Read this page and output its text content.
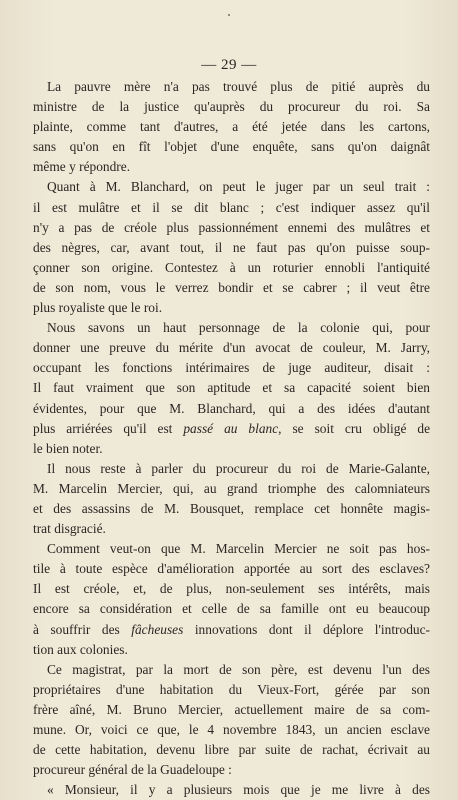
— 29 —
La pauvre mère n'a pas trouvé plus de pitié auprès du
ministre de la justice qu'auprès du procureur du roi. Sa
plainte, comme tant d'autres, a été jetée dans les cartons,
sans qu'on en fît l'objet d'une enquête, sans qu'on daignât
même y répondre.
Quant à M. Blanchard, on peut le juger par un seul trait :
il est mulâtre et il se dit blanc ; c'est indiquer assez qu'il
n'y a pas de créole plus passionnément ennemi des mulâtres et
des nègres, car, avant tout, il ne faut pas qu'on puisse soup-
çonner son origine. Contestez à un roturier ennobli l'antiquité
de son nom, vous le verrez bondir et se cabrer ; il veut être
plus royaliste que le roi.
Nous savons un haut personnage de la colonie qui, pour
donner une preuve du mérite d'un avocat de couleur, M. Jarry,
occupant les fonctions intérimaires de juge auditeur, disait :
Il faut vraiment que son aptitude et sa capacité soient bien
évidentes, pour que M. Blanchard, qui a des idées d'autant
plus arriérées qu'il est passé au blanc, se soit cru obligé de
le bien noter.
Il nous reste à parler du procureur du roi de Marie-Galante,
M. Marcelin Mercier, qui, au grand triomphe des calomniateurs
et des assassins de M. Bousquet, remplace cet honnête magis-
trat disgracié.
Comment veut-on que M. Marcelin Mercier ne soit pas hos-
tile à toute espèce d'amélioration apportée au sort des esclaves?
Il est créole, et, de plus, non-seulement ses intérêts, mais
encore sa considération et celle de sa famille ont eu beaucoup
à souffrir des fâcheuses innovations dont il déplore l'introduc-
tion aux colonies.
Ce magistrat, par la mort de son père, est devenu l'un des
propriétaires d'une habitation du Vieux-Fort, gérée par son
frère aîné, M. Bruno Mercier, actuellement maire de sa com-
mune. Or, voici ce que, le 4 novembre 1843, un ancien esclave
de cette habitation, devenu libre par suite de rachat, écrivait au
procureur général de la Guadeloupe :
« Monsieur, il y a plusieurs mois que je me livre à des
